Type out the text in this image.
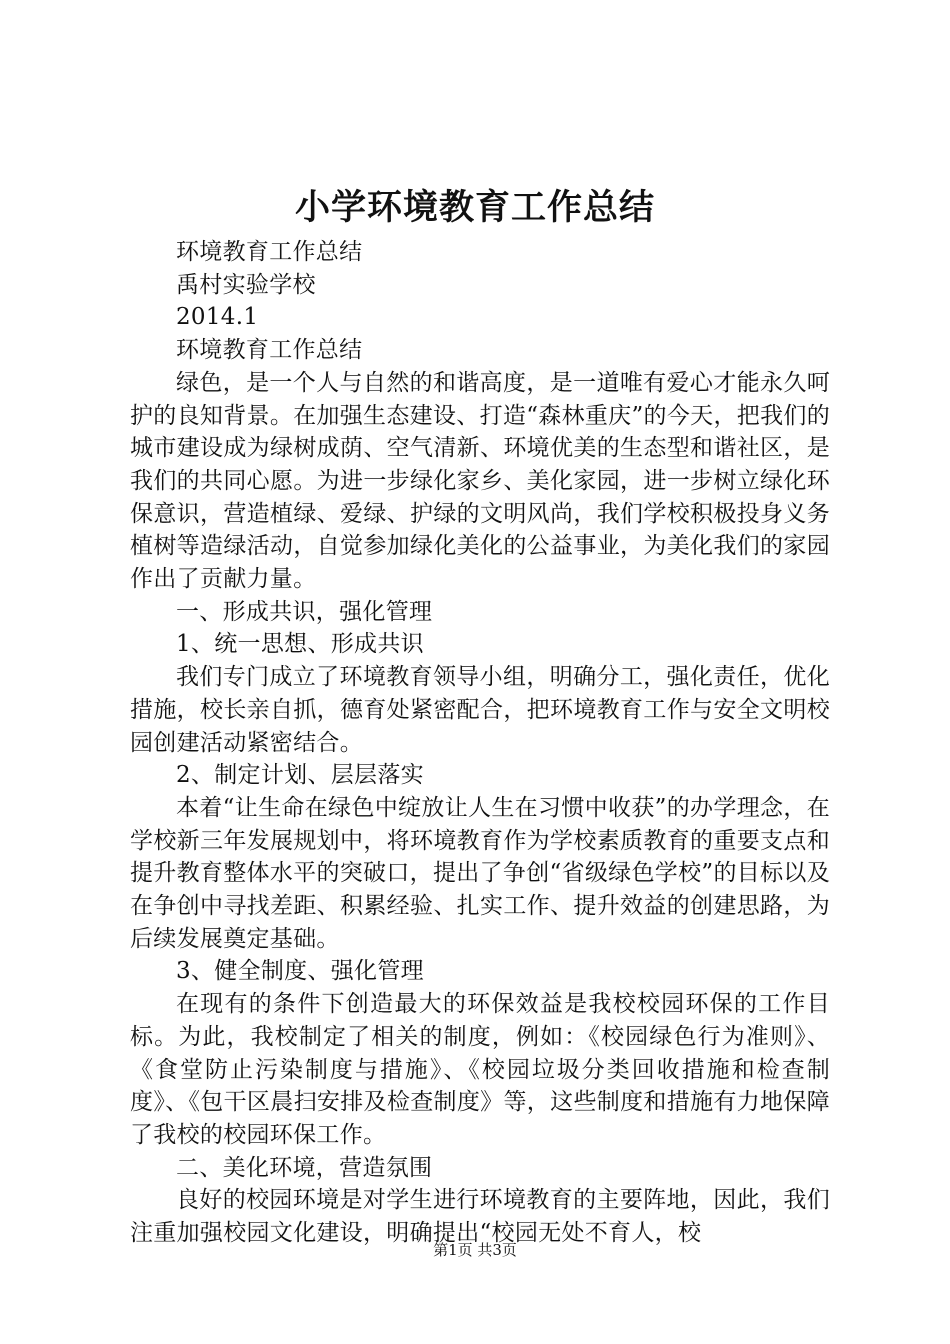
小学环境教育工作总结

环境教育工作总结

禹村实验学校

2014.1

环境教育工作总结

绿色，是一个人与自然的和谐高度，是一道唯有爱心才能永久呵护的良知背景。在加强生态建设、打造“森林重庆”的今天，把我们的城市建设成为绿树成荫、空气清新、环境优美的生态型和谐社区，是我们的共同心愿。为进一步绿化家乡、美化家园，进一步树立绿化环保意识，营造植绿、爱绿、护绿的文明风尚，我们学校积极投身义务植树等造绿活动，自觉参加绿化美化的公益事业，为美化我们的家园作出了贡献力量。

一、形成共识，强化管理

1、统一思想、形成共识

我们专门成立了环境教育领导小组，明确分工，强化责任，优化措施，校长亲自抓，德育处紧密配合，把环境教育工作与安全文明校园创建活动紧密结合。

2、制定计划、层层落实

本着“让生命在绿色中绽放让人生在习惯中收获”的办学理念，在学校新三年发展规划中，将环境教育作为学校素质教育的重要支点和提升教育整体水平的突破口，提出了争创“省级绿色学校”的目标以及在争创中寻找差距、积累经验、扎实工作、提升效益的创建思路，为后续发展奠定基础。

3、健全制度、强化管理

在现有的条件下创造最大的环保效益是我校校园环保的工作目标。为此，我校制定了相关的制度，例如：《校园绿色行为准则》、《食堂防止污染制度与措施》、《校园垃圾分类回收措施和检查制度》、《包干区晨扫安排及检查制度》等，这些制度和措施有力地保障了我校的校园环保工作。

二、美化环境，营造氛围

良好的校园环境是对学生进行环境教育的主要阵地，因此，我们注重加强校园文化建设，明确提出“校园无处不育人，校

第1页 共3页
